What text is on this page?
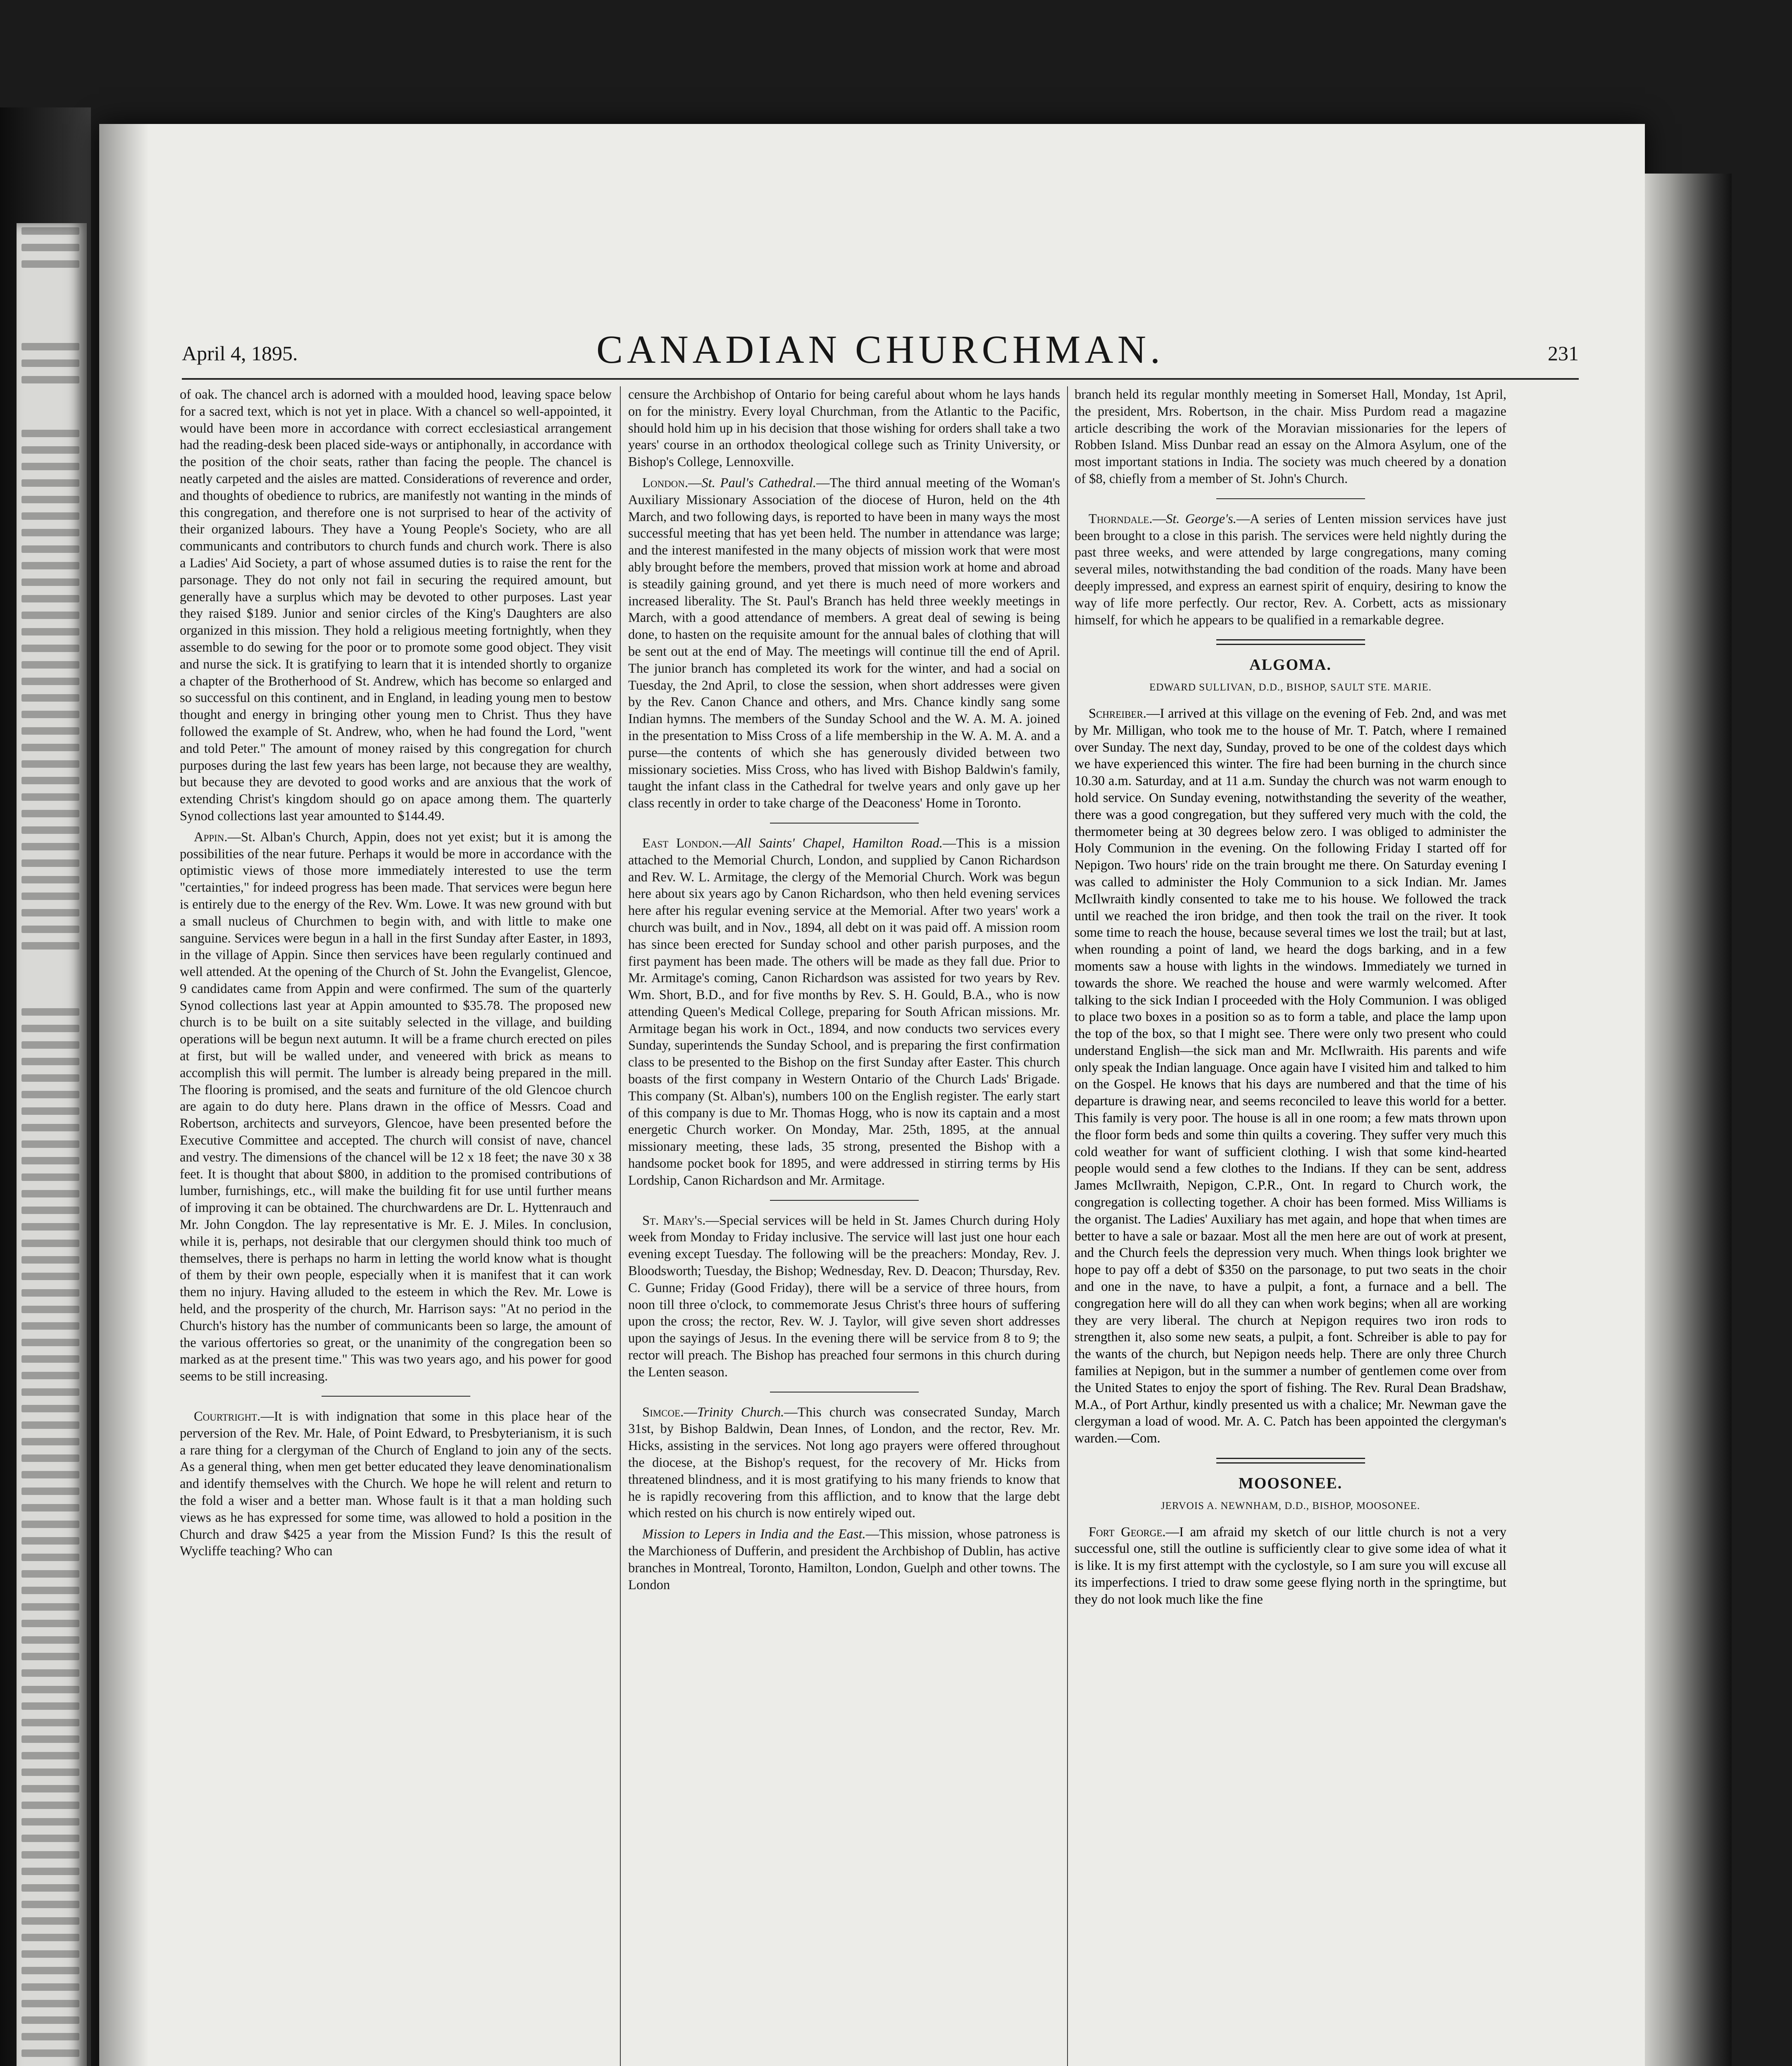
April 4, 1895.	CANADIAN CHURCHMAN.	231

of oak. The chancel arch is adorned with a moulded hood, leaving space below for a sacred text, which is not yet in place. With a chancel so well-appointed, it would have been more in accordance with correct ecclesiastical arrangement had the reading-desk been placed side-ways or antiphonally, in accordance with the position of the choir seats, rather than facing the people. The chancel is neatly carpeted and the aisles are matted. Considerations of reverence and order, and thoughts of obedience to rubrics, are manifestly not wanting in the minds of this congregation, and therefore one is not surprised to hear of the activity of their organized labours. They have a Young People's Society, who are all communicants and contributors to church funds and church work. There is also a Ladies' Aid Society, a part of whose assumed duties is to raise the rent for the parsonage. They do not only not fail in securing the required amount, but generally have a surplus which may be devoted to other purposes. Last year they raised $189. Junior and senior circles of the King's Daughters are also organized in this mission. They hold a religious meeting fortnightly, when they assemble to do sewing for the poor or to promote some good object. They visit and nurse the sick. It is gratifying to learn that it is intended shortly to organize a chapter of the Brotherhood of St. Andrew, which has become so enlarged and so successful on this continent, and in England, in leading young men to bestow thought and energy in bringing other young men to Christ. Thus they have followed the example of St. Andrew, who, when he had found the Lord, "went and told Peter." The amount of money raised by this congregation for church purposes during the last few years has been large, not because they are wealthy, but because they are devoted to good works and are anxious that the work of extending Christ's kingdom should go on apace among them. The quarterly Synod collections last year amounted to $144.49.

Appin.—St. Alban's Church, Appin, does not yet exist; but it is among the possibilities of the near future. Perhaps it would be more in accordance with the optimistic views of those more immediately interested to use the term "certainties," for indeed progress has been made. That services were begun here is entirely due to the energy of the Rev. Wm. Lowe. It was new ground with but a small nucleus of Churchmen to begin with, and with little to make one sanguine. Services were begun in a hall in the first Sunday after Easter, in 1893, in the village of Appin. Since then services have been regularly continued and well attended. At the opening of the Church of St. John the Evangelist, Glencoe, 9 candidates came from Appin and were confirmed. The sum of the quarterly Synod collections last year at Appin amounted to $35.78. The proposed new church is to be built on a site suitably selected in the village, and building operations will be begun next autumn. It will be a frame church erected on piles at first, but will be walled under, and veneered with brick as means to accomplish this will permit. The lumber is already being prepared in the mill. The flooring is promised, and the seats and furniture of the old Glencoe church are again to do duty here. Plans drawn in the office of Messrs. Coad and Robertson, architects and surveyors, Glencoe, have been presented before the Executive Committee and accepted. The church will consist of nave, chancel and vestry. The dimensions of the chancel will be 12 x 18 feet; the nave 30 x 38 feet. It is thought that about $800, in addition to the promised contributions of lumber, furnishings, etc., will make the building fit for use until further means of improving it can be obtained. The churchwardens are Dr. L. Hyttenrauch and Mr. John Congdon. The lay representative is Mr. E. J. Miles. In conclusion, while it is, perhaps, not desirable that our clergymen should think too much of themselves, there is perhaps no harm in letting the world know what is thought of them by their own people, especially when it is manifest that it can work them no injury. Having alluded to the esteem in which the Rev. Mr. Lowe is held, and the prosperity of the church, Mr. Harrison says: "At no period in the Church's history has the number of communicants been so large, the amount of the various offertories so great, or the unanimity of the congregation been so marked as at the present time." This was two years ago, and his power for good seems to be still increasing.

Courtright.—It is with indignation that some in this place hear of the perversion of the Rev. Mr. Hale, of Point Edward, to Presbyterianism, it is such a rare thing for a clergyman of the Church of England to join any of the sects. As a general thing, when men get better educated they leave denominationalism and identify themselves with the Church. We hope he will relent and return to the fold a wiser and a better man. Whose fault is it that a man holding such views as he has expressed for some time, was allowed to hold a position in the Church and draw $425 a year from the Mission Fund? Is this the result of Wycliffe teaching? Who can

censure the Archbishop of Ontario for being careful about whom he lays hands on for the ministry. Every loyal Churchman, from the Atlantic to the Pacific, should hold him up in his decision that those wishing for orders shall take a two years' course in an orthodox theological college such as Trinity University, or Bishop's College, Lennoxville.

London.—St. Paul's Cathedral.—The third annual meeting of the Woman's Auxiliary Missionary Association of the diocese of Huron, held on the 4th March, and two following days, is reported to have been in many ways the most successful meeting that has yet been held. The number in attendance was large; and the interest manifested in the many objects of mission work that were most ably brought before the members, proved that mission work at home and abroad is steadily gaining ground, and yet there is much need of more workers and increased liberality. The St. Paul's Branch has held three weekly meetings in March, with a good attendance of members. A great deal of sewing is being done, to hasten on the requisite amount for the annual bales of clothing that will be sent out at the end of May. The meetings will continue till the end of April. The junior branch has completed its work for the winter, and had a social on Tuesday, the 2nd April, to close the session, when short addresses were given by the Rev. Canon Chance and others, and Mrs. Chance kindly sang some Indian hymns. The members of the Sunday School and the W. A. M. A. joined in the presentation to Miss Cross of a life membership in the W. A. M. A. and a purse—the contents of which she has generously divided between two missionary societies. Miss Cross, who has lived with Bishop Baldwin's family, taught the infant class in the Cathedral for twelve years and only gave up her class recently in order to take charge of the Deaconess' Home in Toronto.

East London.—All Saints' Chapel, Hamilton Road.—This is a mission attached to the Memorial Church, London, and supplied by Canon Richardson and Rev. W. L. Armitage, the clergy of the Memorial Church. Work was begun here about six years ago by Canon Richardson, who then held evening services here after his regular evening service at the Memorial. After two years' work a church was built, and in Nov., 1894, all debt on it was paid off. A mission room has since been erected for Sunday school and other parish purposes, and the first payment has been made. The others will be made as they fall due. Prior to Mr. Armitage's coming, Canon Richardson was assisted for two years by Rev. Wm. Short, B.D., and for five months by Rev. S. H. Gould, B.A., who is now attending Queen's Medical College, preparing for South African missions. Mr. Armitage began his work in Oct., 1894, and now conducts two services every Sunday, superintends the Sunday School, and is preparing the first confirmation class to be presented to the Bishop on the first Sunday after Easter. This church boasts of the first company in Western Ontario of the Church Lads' Brigade. This company (St. Alban's), numbers 100 on the English register. The early start of this company is due to Mr. Thomas Hogg, who is now its captain and a most energetic Church worker. On Monday, Mar. 25th, 1895, at the annual missionary meeting, these lads, 35 strong, presented the Bishop with a handsome pocket book for 1895, and were addressed in stirring terms by His Lordship, Canon Richardson and Mr. Armitage.

St. Mary's.—Special services will be held in St. James Church during Holy week from Monday to Friday inclusive. The service will last just one hour each evening except Tuesday. The following will be the preachers: Monday, Rev. J. Bloodsworth; Tuesday, the Bishop; Wednesday, Rev. D. Deacon; Thursday, Rev. C. Gunne; Friday (Good Friday), there will be a service of three hours, from noon till three o'clock, to commemorate Jesus Christ's three hours of suffering upon the cross; the rector, Rev. W. J. Taylor, will give seven short addresses upon the sayings of Jesus. In the evening there will be service from 8 to 9; the rector will preach. The Bishop has preached four sermons in this church during the Lenten season.

Simcoe.—Trinity Church.—This church was consecrated Sunday, March 31st, by Bishop Baldwin, Dean Innes, of London, and the rector, Rev. Mr. Hicks, assisting in the services. Not long ago prayers were offered throughout the diocese, at the Bishop's request, for the recovery of Mr. Hicks from threatened blindness, and it is most gratifying to his many friends to know that he is rapidly recovering from this affliction, and to know that the large debt which rested on his church is now entirely wiped out.

Mission to Lepers in India and the East.—This mission, whose patroness is the Marchioness of Dufferin, and president the Archbishop of Dublin, has active branches in Montreal, Toronto, Hamilton, London, Guelph and other towns. The London

branch held its regular monthly meeting in Somerset Hall, Monday, 1st April, the president, Mrs. Robertson, in the chair. Miss Purdom read a magazine article describing the work of the Moravian missionaries for the lepers of Robben Island. Miss Dunbar read an essay on the Almora Asylum, one of the most important stations in India. The society was much cheered by a donation of $8, chiefly from a member of St. John's Church.

Thorndale.—St. George's.—A series of Lenten mission services have just been brought to a close in this parish. The services were held nightly during the past three weeks, and were attended by large congregations, many coming several miles, notwithstanding the bad condition of the roads. Many have been deeply impressed, and express an earnest spirit of enquiry, desiring to know the way of life more perfectly. Our rector, Rev. A. Corbett, acts as missionary himself, for which he appears to be qualified in a remarkable degree.

ALGOMA.
EDWARD SULLIVAN, D.D., BISHOP, SAULT STE. MARIE.

Schreiber.—I arrived at this village on the evening of Feb. 2nd, and was met by Mr. Milligan, who took me to the house of Mr. T. Patch, where I remained over Sunday. The next day, Sunday, proved to be one of the coldest days which we have experienced this winter. The fire had been burning in the church since 10.30 a.m. Saturday, and at 11 a.m. Sunday the church was not warm enough to hold service. On Sunday evening, notwithstanding the severity of the weather, there was a good congregation, but they suffered very much with the cold, the thermometer being at 30 degrees below zero. I was obliged to administer the Holy Communion in the evening. On the following Friday I started off for Nepigon. Two hours' ride on the train brought me there. On Saturday evening I was called to administer the Holy Communion to a sick Indian. Mr. James McIlwraith kindly consented to take me to his house. We followed the track until we reached the iron bridge, and then took the trail on the river. It took some time to reach the house, because several times we lost the trail; but at last, when rounding a point of land, we heard the dogs barking, and in a few moments saw a house with lights in the windows. Immediately we turned in towards the shore. We reached the house and were warmly welcomed. After talking to the sick Indian I proceeded with the Holy Communion. I was obliged to place two boxes in a position so as to form a table, and place the lamp upon the top of the box, so that I might see. There were only two present who could understand English—the sick man and Mr. McIlwraith. His parents and wife only speak the Indian language. Once again have I visited him and talked to him on the Gospel. He knows that his days are numbered and that the time of his departure is drawing near, and seems reconciled to leave this world for a better. This family is very poor. The house is all in one room; a few mats thrown upon the floor form beds and some thin quilts a covering. They suffer very much this cold weather for want of sufficient clothing. I wish that some kind-hearted people would send a few clothes to the Indians. If they can be sent, address James McIlwraith, Nepigon, C.P.R., Ont. In regard to Church work, the congregation is collecting together. A choir has been formed. Miss Williams is the organist. The Ladies' Auxiliary has met again, and hope that when times are better to have a sale or bazaar. Most all the men here are out of work at present, and the Church feels the depression very much. When things look brighter we hope to pay off a debt of $350 on the parsonage, to put two seats in the choir and one in the nave, to have a pulpit, a font, a furnace and a bell. The congregation here will do all they can when work begins; when all are working they are very liberal. The church at Nepigon requires two iron rods to strengthen it, also some new seats, a pulpit, a font. Schreiber is able to pay for the wants of the church, but Nepigon needs help. There are only three Church families at Nepigon, but in the summer a number of gentlemen come over from the United States to enjoy the sport of fishing. The Rev. Rural Dean Bradshaw, M.A., of Port Arthur, kindly presented us with a chalice; Mr. Newman gave the clergyman a load of wood. Mr. A. C. Patch has been appointed the clergyman's warden.—Com.

MOOSONEE.
JERVOIS A. NEWNHAM, D.D., BISHOP, MOOSONEE.

Fort George.—I am afraid my sketch of our little church is not a very successful one, still the outline is sufficiently clear to give some idea of what it is like. It is my first attempt with the cyclostyle, so I am sure you will excuse all its imperfections. I tried to draw some geese flying north in the springtime, but they do not look much like the fine
